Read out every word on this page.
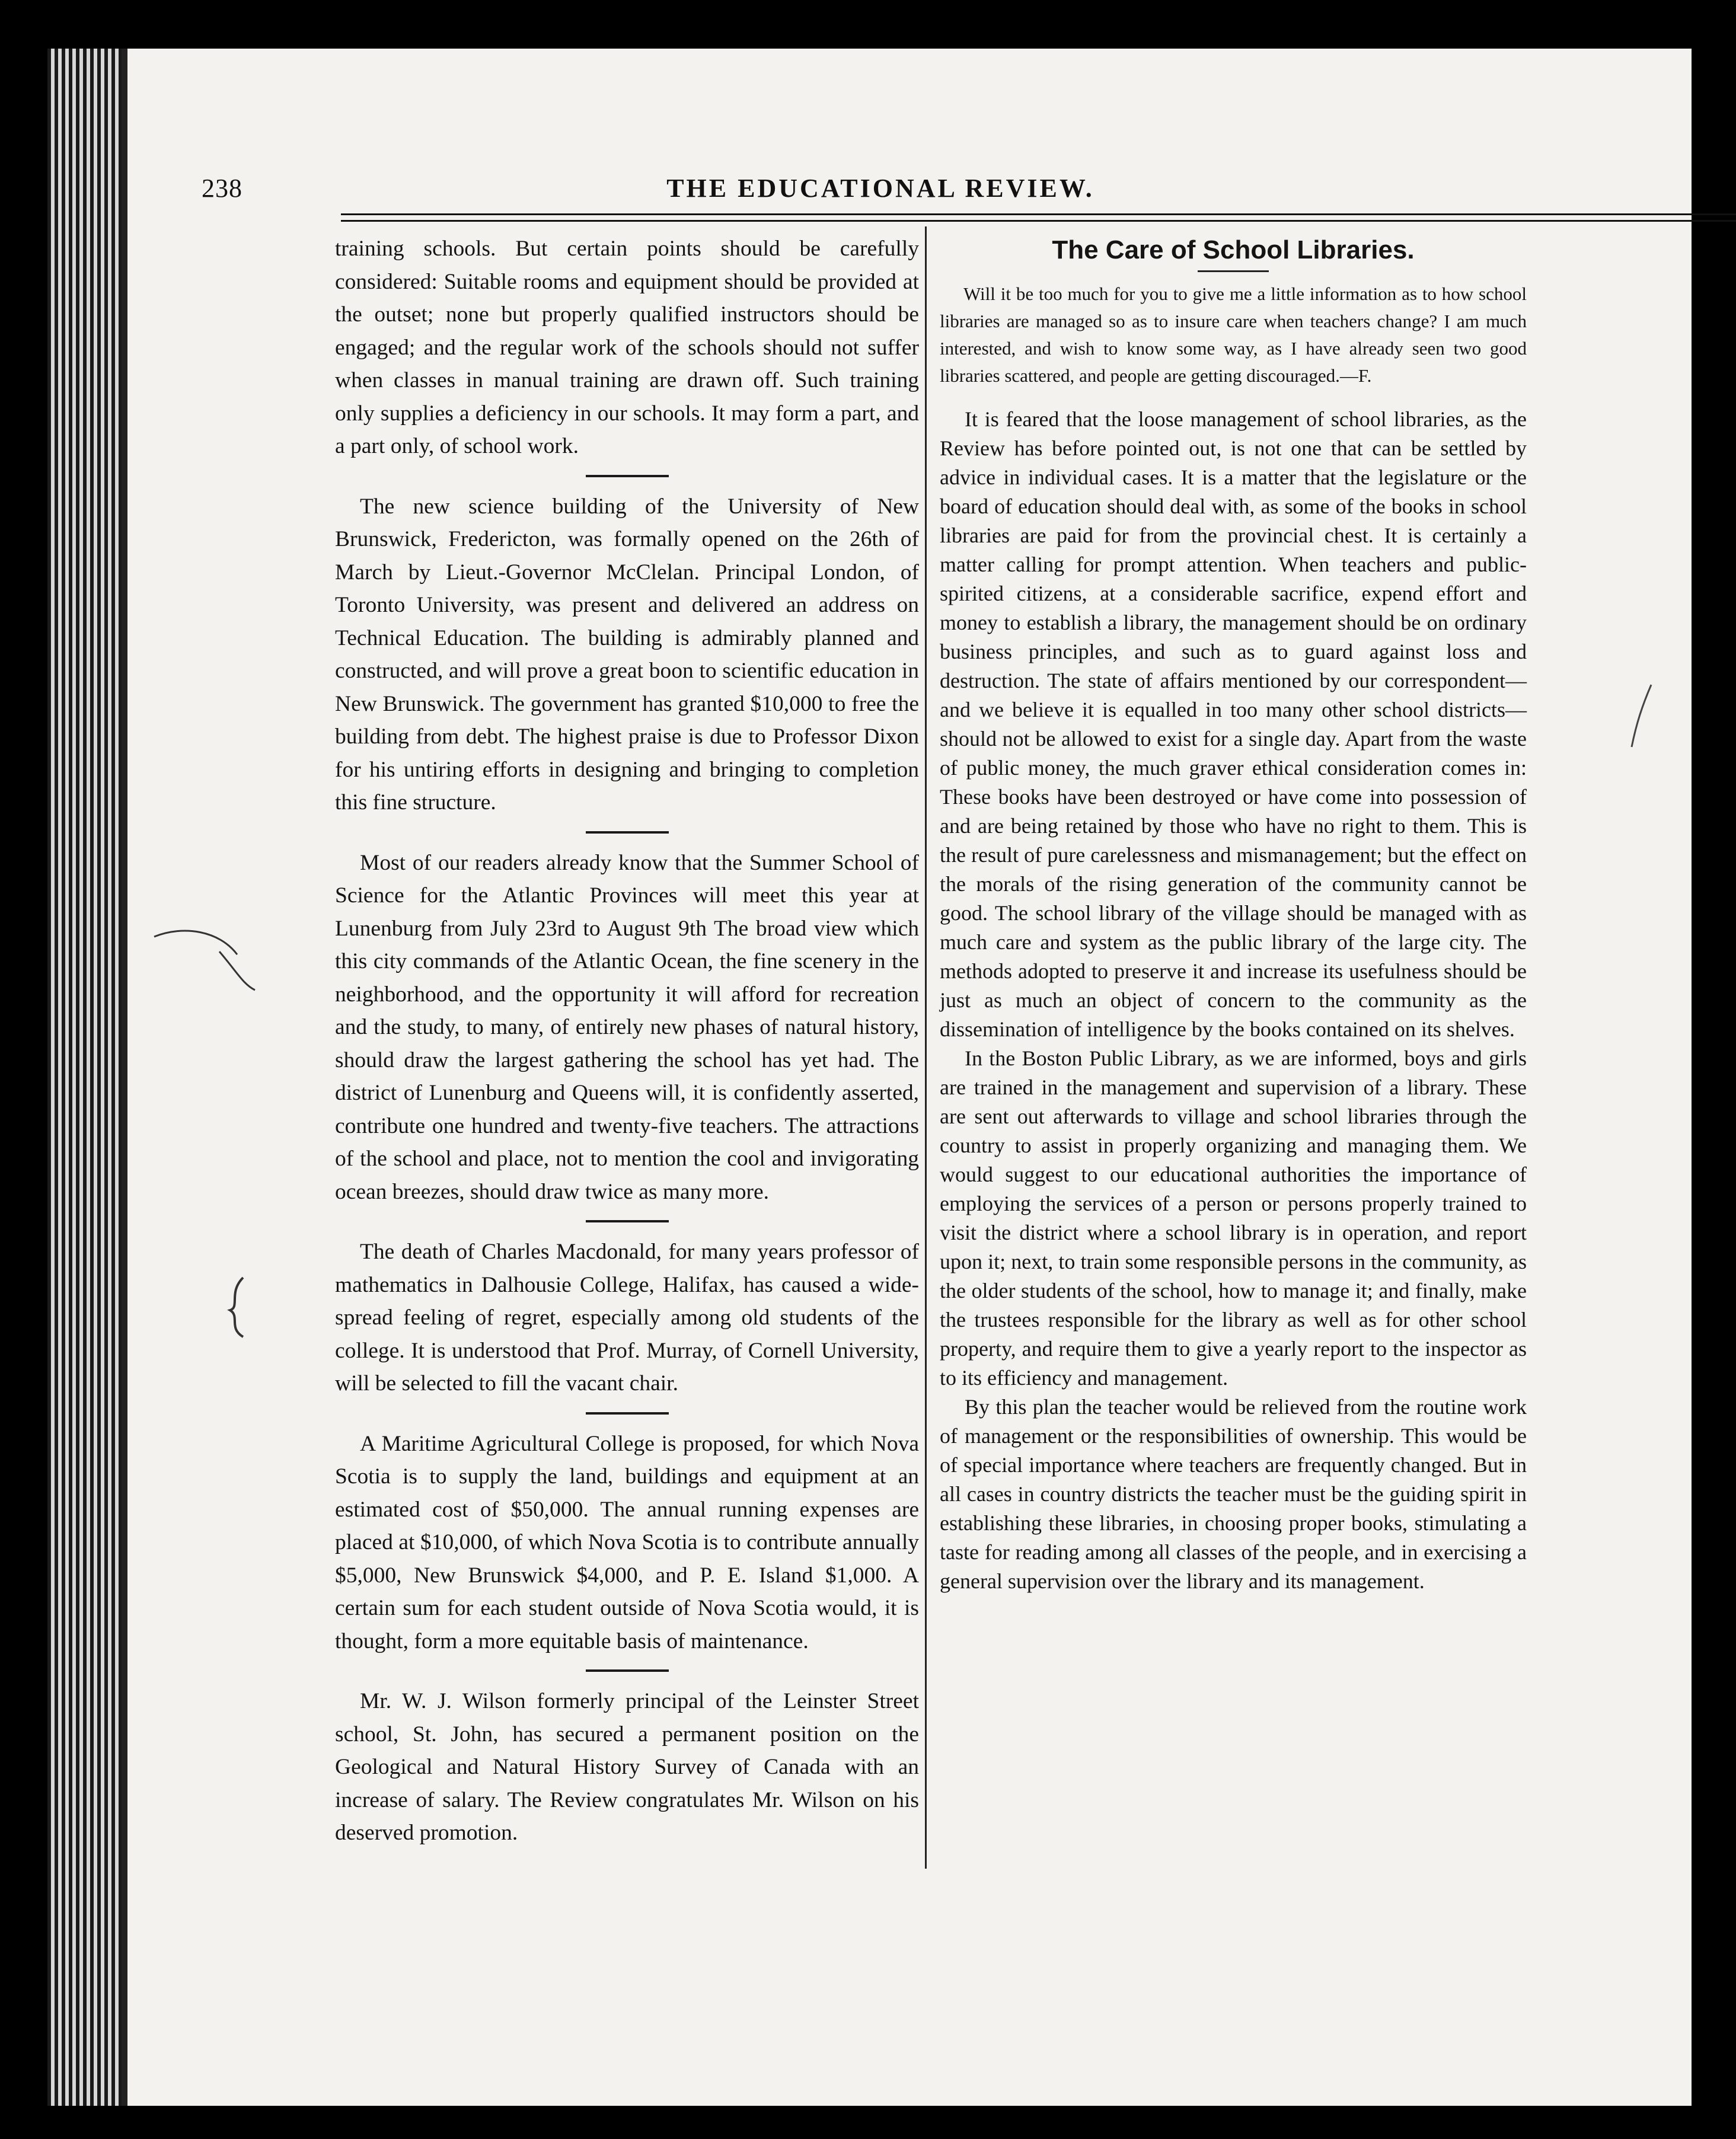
238	THE EDUCATIONAL REVIEW.

training schools. But certain points should be carefully considered: Suitable rooms and equipment should be provided at the outset; none but properly qualified instructors should be engaged; and the regular work of the schools should not suffer when classes in manual training are drawn off. Such training only supplies a deficiency in our schools. It may form a part, and a part only, of school work.

The new science building of the University of New Brunswick, Fredericton, was formally opened on the 26th of March by Lieut.-Governor McClelan. Principal London, of Toronto University, was present and delivered an address on Technical Education. The building is admirably planned and constructed, and will prove a great boon to scientific education in New Brunswick. The government has granted $10,000 to free the building from debt. The highest praise is due to Professor Dixon for his untiring efforts in designing and bringing to completion this fine structure.

Most of our readers already know that the Summer School of Science for the Atlantic Provinces will meet this year at Lunenburg from July 23rd to August 9th The broad view which this city commands of the Atlantic Ocean, the fine scenery in the neighborhood, and the opportunity it will afford for recreation and the study, to many, of entirely new phases of natural history, should draw the largest gathering the school has yet had. The district of Lunenburg and Queens will, it is confidently asserted, contribute one hundred and twenty-five teachers. The attractions of the school and place, not to mention the cool and invigorating ocean breezes, should draw twice as many more.

The death of Charles Macdonald, for many years professor of mathematics in Dalhousie College, Halifax, has caused a wide-spread feeling of regret, especially among old students of the college. It is understood that Prof. Murray, of Cornell University, will be selected to fill the vacant chair.

A Maritime Agricultural College is proposed, for which Nova Scotia is to supply the land, buildings and equipment at an estimated cost of $50,000. The annual running expenses are placed at $10,000, of which Nova Scotia is to contribute annually $5,000, New Brunswick $4,000, and P. E. Island $1,000. A certain sum for each student outside of Nova Scotia would, it is thought, form a more equitable basis of maintenance.

Mr. W. J. Wilson formerly principal of the Leinster Street school, St. John, has secured a permanent position on the Geological and Natural History Survey of Canada with an increase of salary. The Review congratulates Mr. Wilson on his deserved promotion.

The Care of School Libraries.

Will it be too much for you to give me a little information as to how school libraries are managed so as to insure care when teachers change? I am much interested, and wish to know some way, as I have already seen two good libraries scattered, and people are getting discouraged.—F.

It is feared that the loose management of school libraries, as the Review has before pointed out, is not one that can be settled by advice in individual cases. It is a matter that the legislature or the board of education should deal with, as some of the books in school libraries are paid for from the provincial chest. It is certainly a matter calling for prompt attention. When teachers and public-spirited citizens, at a considerable sacrifice, expend effort and money to establish a library, the management should be on ordinary business principles, and such as to guard against loss and destruction. The state of affairs mentioned by our correspondent—and we believe it is equalled in too many other school districts—should not be allowed to exist for a single day. Apart from the waste of public money, the much graver ethical consideration comes in: These books have been destroyed or have come into possession of and are being retained by those who have no right to them. This is the result of pure carelessness and mismanagement; but the effect on the morals of the rising generation of the community cannot be good. The school library of the village should be managed with as much care and system as the public library of the large city. The methods adopted to preserve it and increase its usefulness should be just as much an object of concern to the community as the dissemination of intelligence by the books contained on its shelves.

In the Boston Public Library, as we are informed, boys and girls are trained in the management and supervision of a library. These are sent out afterwards to village and school libraries through the country to assist in properly organizing and managing them. We would suggest to our educational authorities the importance of employing the services of a person or persons properly trained to visit the district where a school library is in operation, and report upon it; next, to train some responsible persons in the community, as the older students of the school, how to manage it; and finally, make the trustees responsible for the library as well as for other school property, and require them to give a yearly report to the inspector as to its efficiency and management.

By this plan the teacher would be relieved from the routine work of management or the responsibilities of ownership. This would be of special importance where teachers are frequently changed. But in all cases in country districts the teacher must be the guiding spirit in establishing these libraries, in choosing proper books, stimulating a taste for reading among all classes of the people, and in exercising a general supervision over the library and its management.
